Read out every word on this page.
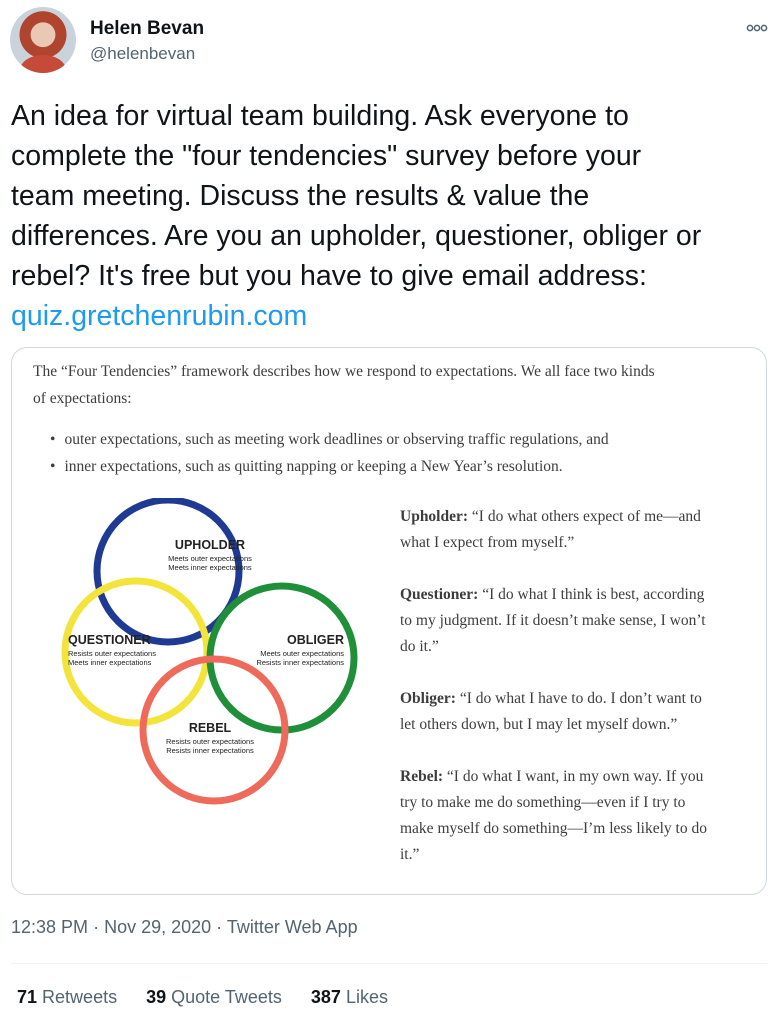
Helen Bevan
@helenbevan
An idea for virtual team building. Ask everyone to
complete the "four tendencies" survey before your
team meeting. Discuss the results & value the
differences. Are you an upholder, questioner, obliger or
rebel? It's free but you have to give email address:
quiz.gretchenrubin.com
The “Four Tendencies” framework describes how we respond to expectations. We all face two kinds
of expectations:
• outer expectations, such as meeting work deadlines or observing traffic regulations, and
• inner expectations, such as quitting napping or keeping a New Year’s resolution.
UPHOLDER
Meets outer expectations
Meets inner expectations
QUESTIONER
Resists outer expectations
Meets inner expectations
OBLIGER
Meets outer expectations
Resists inner expectations
REBEL
Resists outer expectations
Resists inner expectations
Upholder: “I do what others expect of me—and
what I expect from myself.”
Questioner: “I do what I think is best, according
to my judgment. If it doesn’t make sense, I won’t
do it.”
Obliger: “I do what I have to do. I don’t want to
let others down, but I may let myself down.”
Rebel: “I do what I want, in my own way. If you
try to make me do something—even if I try to
make myself do something—I’m less likely to do
it.”
12:38 PM · Nov 29, 2020 · Twitter Web App
71 Retweets 39 Quote Tweets 387 Likes
